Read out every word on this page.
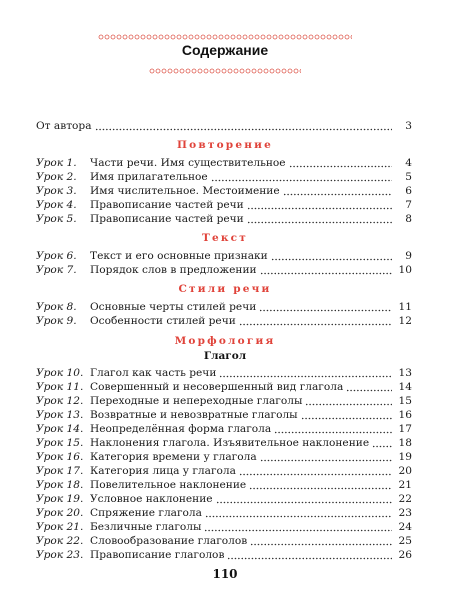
Содержание
От автора	3
Повторение
Урок 1.	Части речи. Имя существительное	4
Урок 2.	Имя прилагательное	5
Урок 3.	Имя числительное. Местоимение	6
Урок 4.	Правописание частей речи	7
Урок 5.	Правописание частей речи	8
Текст
Урок 6.	Текст и его основные признаки	9
Урок 7.	Порядок слов в предложении	10
Стили речи
Урок 8.	Основные черты стилей речи	11
Урок 9.	Особенности стилей речи	12
Морфология
Глагол
Урок 10. Глагол как часть речи	13
Урок 11. Совершенный и несовершенный вид глагола	14
Урок 12. Переходные и непереходные глаголы	15
Урок 13. Возвратные и невозвратные глаголы	16
Урок 14. Неопределённая форма глагола	17
Урок 15. Наклонения глагола. Изъявительное наклонение	18
Урок 16. Категория времени у глагола	19
Урок 17. Категория лица у глагола	20
Урок 18. Повелительное наклонение	21
Урок 19. Условное наклонение	22
Урок 20. Спряжение глагола	23
Урок 21. Безличные глаголы	24
Урок 22. Словообразование глаголов	25
Урок 23. Правописание глаголов	26
110
